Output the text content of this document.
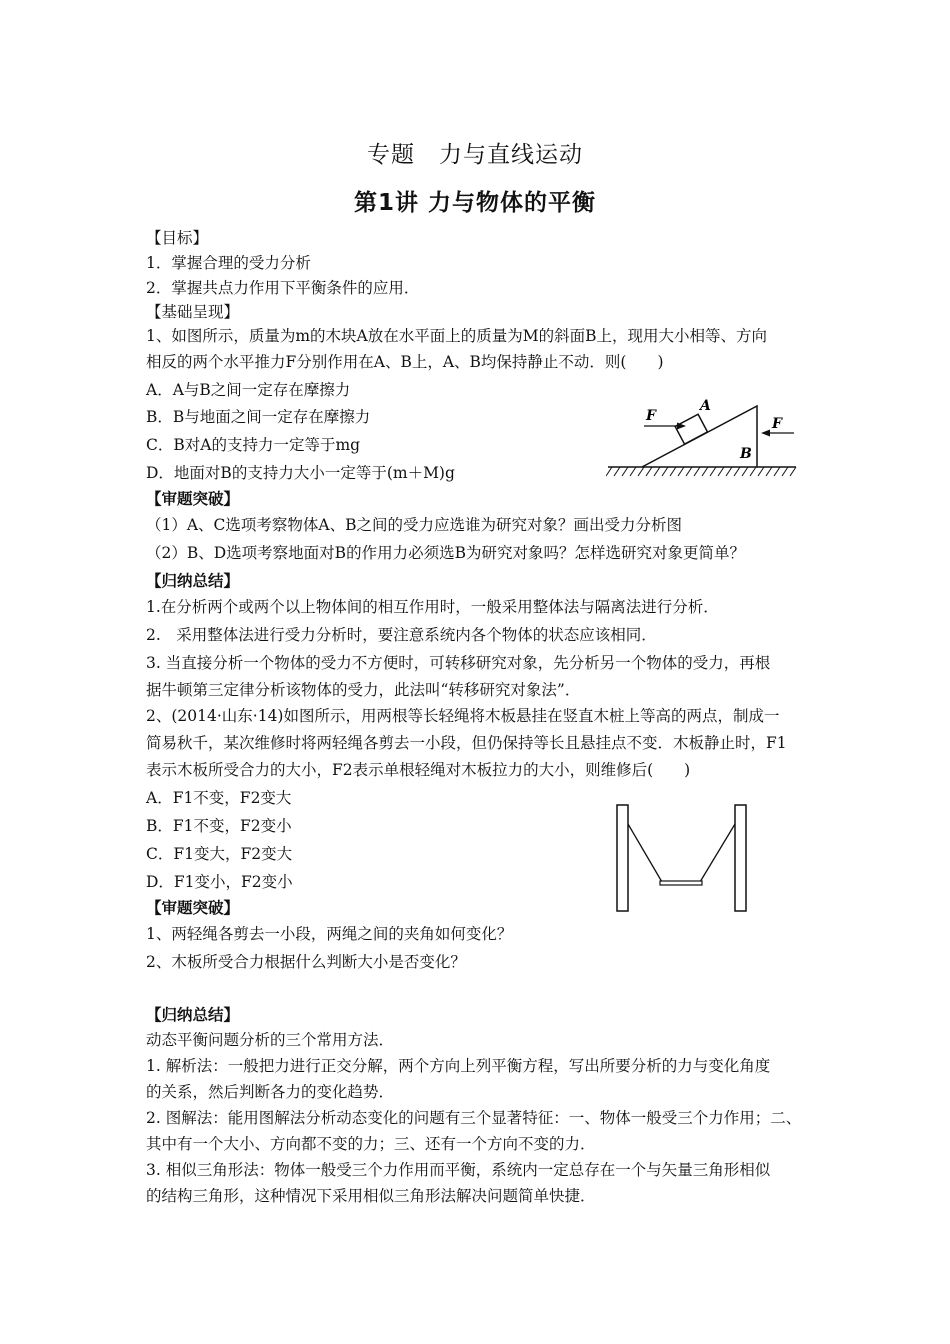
专题　力与直线运动
第1讲 力与物体的平衡
【目标】
1．掌握合理的受力分析
2．掌握共点力作用下平衡条件的应用．
【基础呈现】
1、如图所示，质量为m的木块A放在水平面上的质量为M的斜面B上，现用大小相等、方向
相反的两个水平推力F分别作用在A、B上，A、B均保持静止不动．则(　　)
A．A与B之间一定存在摩擦力
B．B与地面之间一定存在摩擦力
C．B对A的支持力一定等于mg
D．地面对B的支持力大小一定等于(m＋M)g
F
A
F
B
【审题突破】
（1）A、C选项考察物体A、B之间的受力应选谁为研究对象？画出受力分析图
（2）B、D选项考察地面对B的作用力必须选B为研究对象吗？怎样选研究对象更简单？
【归纳总结】
1.在分析两个或两个以上物体间的相互作用时，一般采用整体法与隔离法进行分析．
2.　采用整体法进行受力分析时，要注意系统内各个物体的状态应该相同．
3. 当直接分析一个物体的受力不方便时，可转移研究对象，先分析另一个物体的受力，再根
据牛顿第三定律分析该物体的受力，此法叫“转移研究对象法”．
2、(2014·山东·14)如图所示，用两根等长轻绳将木板悬挂在竖直木桩上等高的两点，制成一
简易秋千，某次维修时将两轻绳各剪去一小段，但仍保持等长且悬挂点不变．木板静止时，F1
表示木板所受合力的大小，F2表示单根轻绳对木板拉力的大小，则维修后(　　)
A．F1不变，F2变大
B．F1不变，F2变小
C．F1变大，F2变大
D．F1变小，F2变小
【审题突破】
1、两轻绳各剪去一小段，两绳之间的夹角如何变化？
2、木板所受合力根据什么判断大小是否变化？
【归纳总结】
动态平衡问题分析的三个常用方法．
1. 解析法：一般把力进行正交分解，两个方向上列平衡方程，写出所要分析的力与变化角度
的关系，然后判断各力的变化趋势．
2. 图解法：能用图解法分析动态变化的问题有三个显著特征：一、物体一般受三个力作用；二、
其中有一个大小、方向都不变的力；三、还有一个方向不变的力．
3. 相似三角形法：物体一般受三个力作用而平衡，系统内一定总存在一个与矢量三角形相似
的结构三角形，这种情况下采用相似三角形法解决问题简单快捷．
